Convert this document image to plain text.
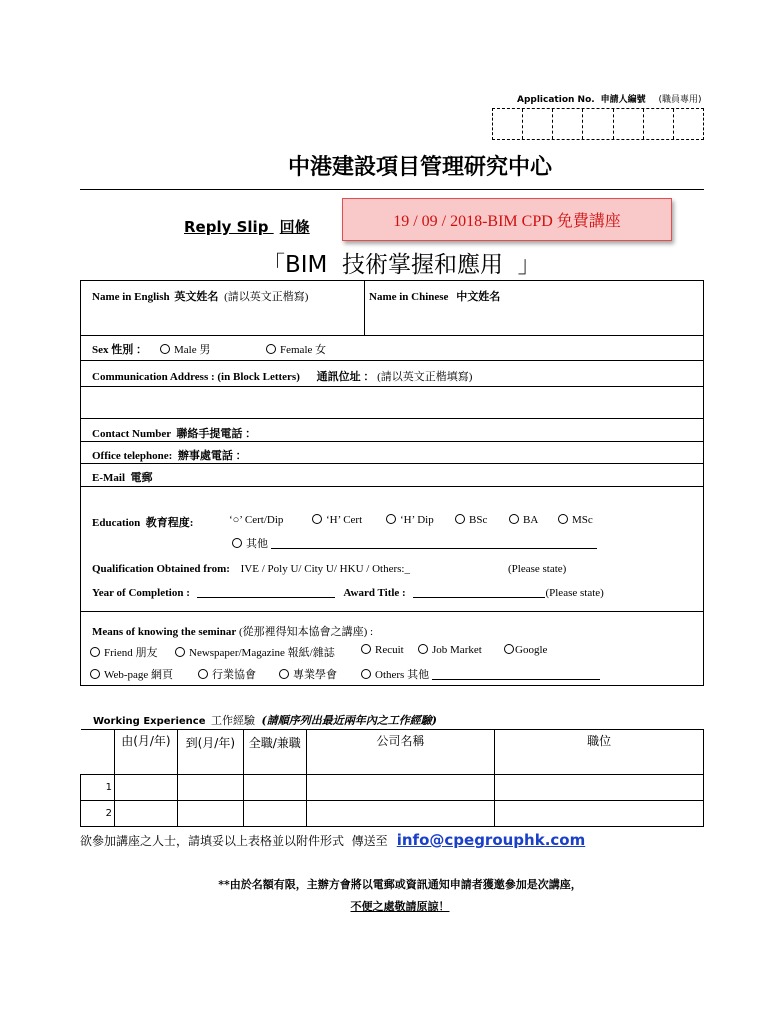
Application No. 申請人編號 (職員專用)
中港建設項目管理研究中心
Reply Slip 回條	19 / 09 / 2018-BIM CPD 免費講座
「BIM  技術掌握和應用  」
Name in English 英文姓名 (請以英文正楷寫)	Name in Chinese 中文姓名
Sex 性別 ：	Male 男	Female 女
Communication Address : (in Block Letters) 通訊位址 ： (請以英文正楷填寫)
Contact Number  聯絡手提電話 ：
Office telephone:  辦事處電話 ：
E-Mail  電郵
Education  教育程度:	‘○’ Cert/Dip	‘H’ Cert	‘H’ Dip	BSc	BA	MSc
其他
Qualification Obtained from: IVE / Poly U/ City U/ HKU / Others:_	(Please state)
Year of Completion :	Award Title :	(Please state)
Means of knowing the seminar (從那裡得知本協會之講座) :
Friend 朋友	Newspaper/Magazine 報紙/雜誌	Recuit	Job Market	Google
Web-page 網頁	行業協會	專業學會	Others 其他
Working Experience 工作經驗 (請順序列出最近兩年內之工作經驗)
	由(月/年)	到(月/年)	全職/兼職	公司名稱	職位
1					
2					
欲參加講座之人士，請填妥以上表格並以附件形式  傳送至 info@cpegrouphk.com
**由於名額有限，主辦方會將以電郵或資訊通知申請者獲邀參加是次講座，
不便之處敬請原諒！
